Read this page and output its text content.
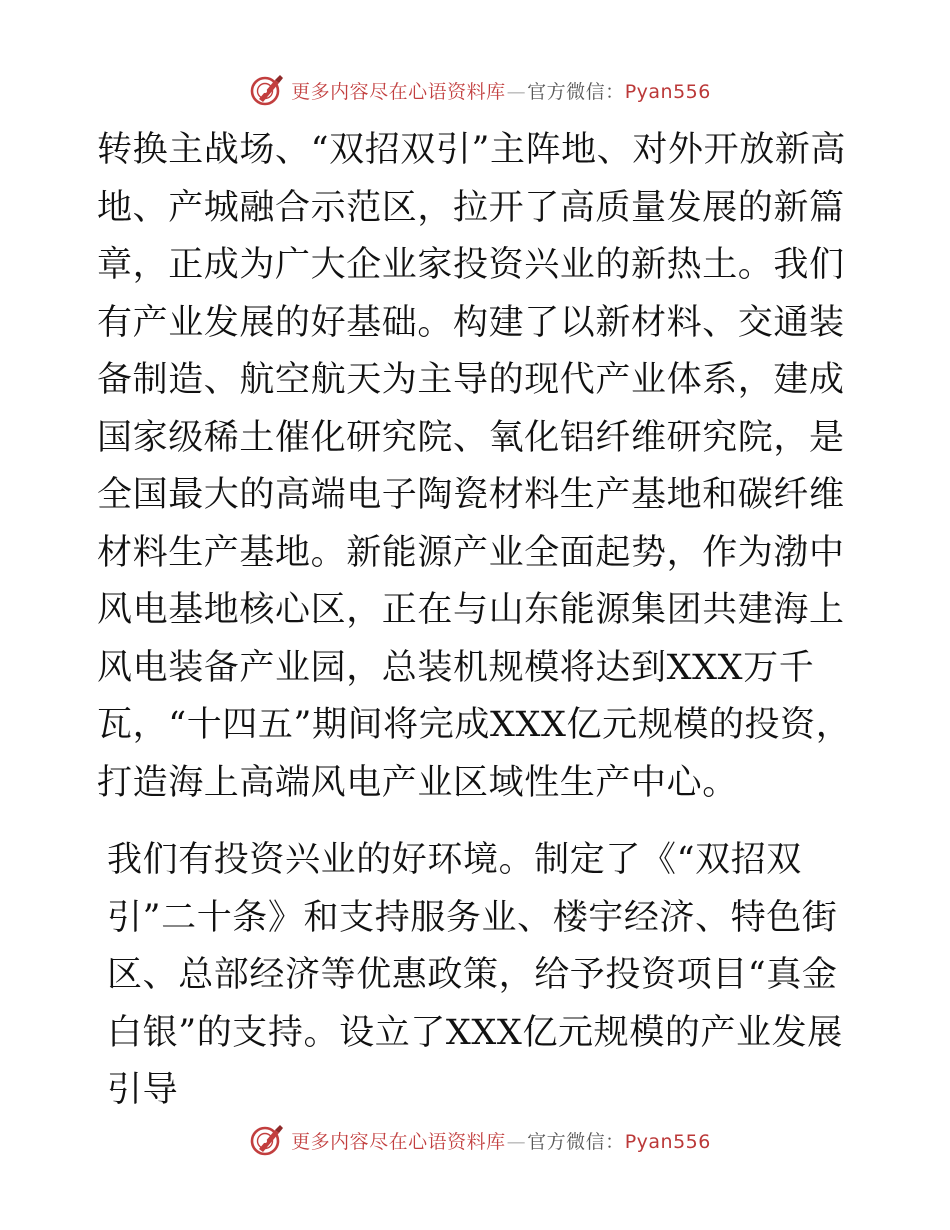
更多内容尽在心语资料库—官方微信：Pyan556

转换主战场、“双招双引”主阵地、对外开放新高地、产城融合示范区，拉开了高质量发展的新篇章，正成为广大企业家投资兴业的新热土。我们有产业发展的好基础。构建了以新材料、交通装备制造、航空航天为主导的现代产业体系，建成国家级稀土催化研究院、氧化铝纤维研究院，是全国最大的高端电子陶瓷材料生产基地和碳纤维材料生产基地。新能源产业全面起势，作为渤中风电基地核心区，正在与山东能源集团共建海上风电装备产业园，总装机规模将达到XXX万千瓦，“十四五”期间将完成XXX亿元规模的投资，打造海上高端风电产业区域性生产中心。

我们有投资兴业的好环境。制定了《“双招双引”二十条》和支持服务业、楼宇经济、特色街区、总部经济等优惠政策，给予投资项目“真金白银”的支持。设立了XXX亿元规模的产业发展引导

更多内容尽在心语资料库—官方微信：Pyan556
